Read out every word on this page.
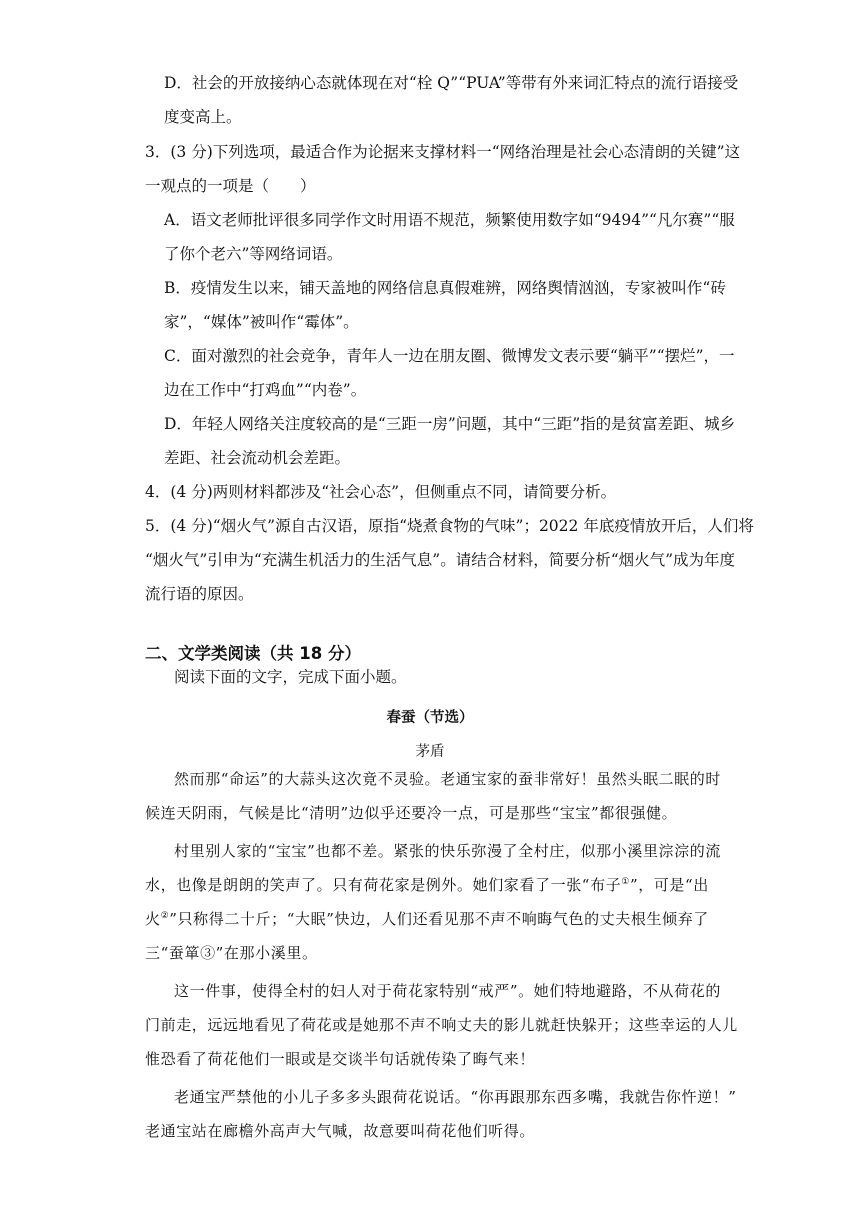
D．社会的开放接纳心态就体现在对“栓 Q”“PUA”等带有外来词汇特点的流行语接受
度变高上。
3．(3 分)下列选项，最适合作为论据来支撑材料一“网络治理是社会心态清朗的关键”这
一观点的一项是（　　）
A．语文老师批评很多同学作文时用语不规范，频繁使用数字如“9494”“凡尔赛”“服
了你个老六”等网络词语。
B．疫情发生以来，铺天盖地的网络信息真假难辨，网络舆情汹汹，专家被叫作“砖
家”，“媒体”被叫作“霉体”。
C．面对激烈的社会竞争，青年人一边在朋友圈、微博发文表示要“躺平”“摆烂”，一
边在工作中“打鸡血”“内卷”。
D．年轻人网络关注度较高的是“三距一房”问题，其中“三距”指的是贫富差距、城乡
差距、社会流动机会差距。
4．(4 分)两则材料都涉及“社会心态”，但侧重点不同，请简要分析。
5．(4 分)“烟火气”源自古汉语，原指“烧煮食物的气味”；2022 年底疫情放开后，人们将
“烟火气”引申为“充满生机活力的生活气息”。请结合材料，简要分析“烟火气”成为年度
流行语的原因。
二、文学类阅读（共 18 分）
阅读下面的文字，完成下面小题。
春蚕（节选）
茅盾
然而那“命运”的大蒜头这次竟不灵验。老通宝家的蚕非常好！虽然头眠二眠的时
候连天阴雨，气候是比“清明”边似乎还要冷一点，可是那些“宝宝”都很强健。
村里别人家的“宝宝”也都不差。紧张的快乐弥漫了全村庄，似那小溪里淙淙的流
水，也像是朗朗的笑声了。只有荷花家是例外。她们家看了一张“布子①”，可是“出
火②”只称得二十斤；“大眠”快边，人们还看见那不声不响晦气色的丈夫根生倾弃了
三“蚕箪③”在那小溪里。
这一件事，使得全村的妇人对于荷花家特别“戒严”。她们特地避路，不从荷花的
门前走，远远地看见了荷花或是她那不声不响丈夫的影儿就赶快躲开；这些幸运的人儿
惟恐看了荷花他们一眼或是交谈半句话就传染了晦气来！
老通宝严禁他的小儿子多多头跟荷花说话。“你再跟那东西多嘴，我就告你忤逆！”
老通宝站在廊檐外高声大气喊，故意要叫荷花他们听得。
